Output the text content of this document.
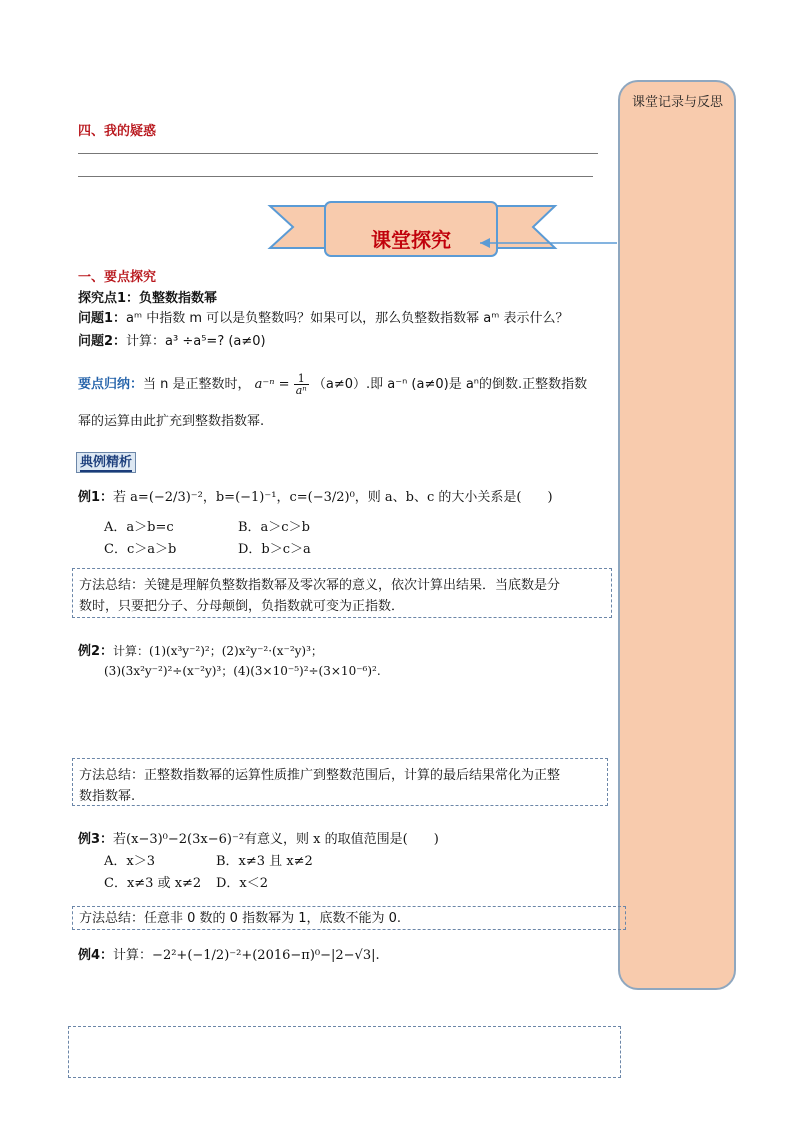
课堂记录与反思
四、我的疑惑
课堂探究
一、要点探究
探究点1：负整数指数幂
问题1：aᵐ 中指数 m 可以是负整数吗？如果可以，那么负整数指数幂 aᵐ 表示什么？
问题2：计算：a³ ÷a⁵=? (a≠0)
要点归纳：当 n 是正整数时， $a^{-n} = \frac{1}{\text{aⁿ}} (a\ne 0)$.即 a⁻ⁿ (a≠0)是 aⁿ的倒数.正整数指数
幂的运算由此扩充到整数指数幂.
典例精析
例1：若 a=(−2/3)⁻²，b=(−1)⁻¹，c=(−3/2)⁰，则 a、b、c 的大小关系是(　　)
A．a＞b=c	B．a＞c＞b
C．c＞a＞b	D．b＞c＞a
方法总结：关键是理解负整数指数幂及零次幂的意义，依次计算出结果．当底数是分
数时，只要把分子、分母颠倒，负指数就可变为正指数．
例2：计算：(1)(x³y⁻²)²；(2)x²y⁻²·(x⁻²y)³；
(3)(3x²y⁻²)²÷(x⁻²y)³；(4)(3×10⁻⁵)²÷(3×10⁻⁶)².
方法总结：正整数指数幂的运算性质推广到整数范围后，计算的最后结果常化为正整
数指数幂.
例3：若(x−3)⁰−2(3x−6)⁻²有意义，则 x 的取值范围是(　　)
A．x＞3	B．x≠3 且 x≠2
C．x≠3 或 x≠2 D．x＜2
方法总结：任意非 0 数的 0 指数幂为 1，底数不能为 0.
例4：计算：−2²+(−1/2)⁻²+(2016−π)⁰−|2−√3|.
